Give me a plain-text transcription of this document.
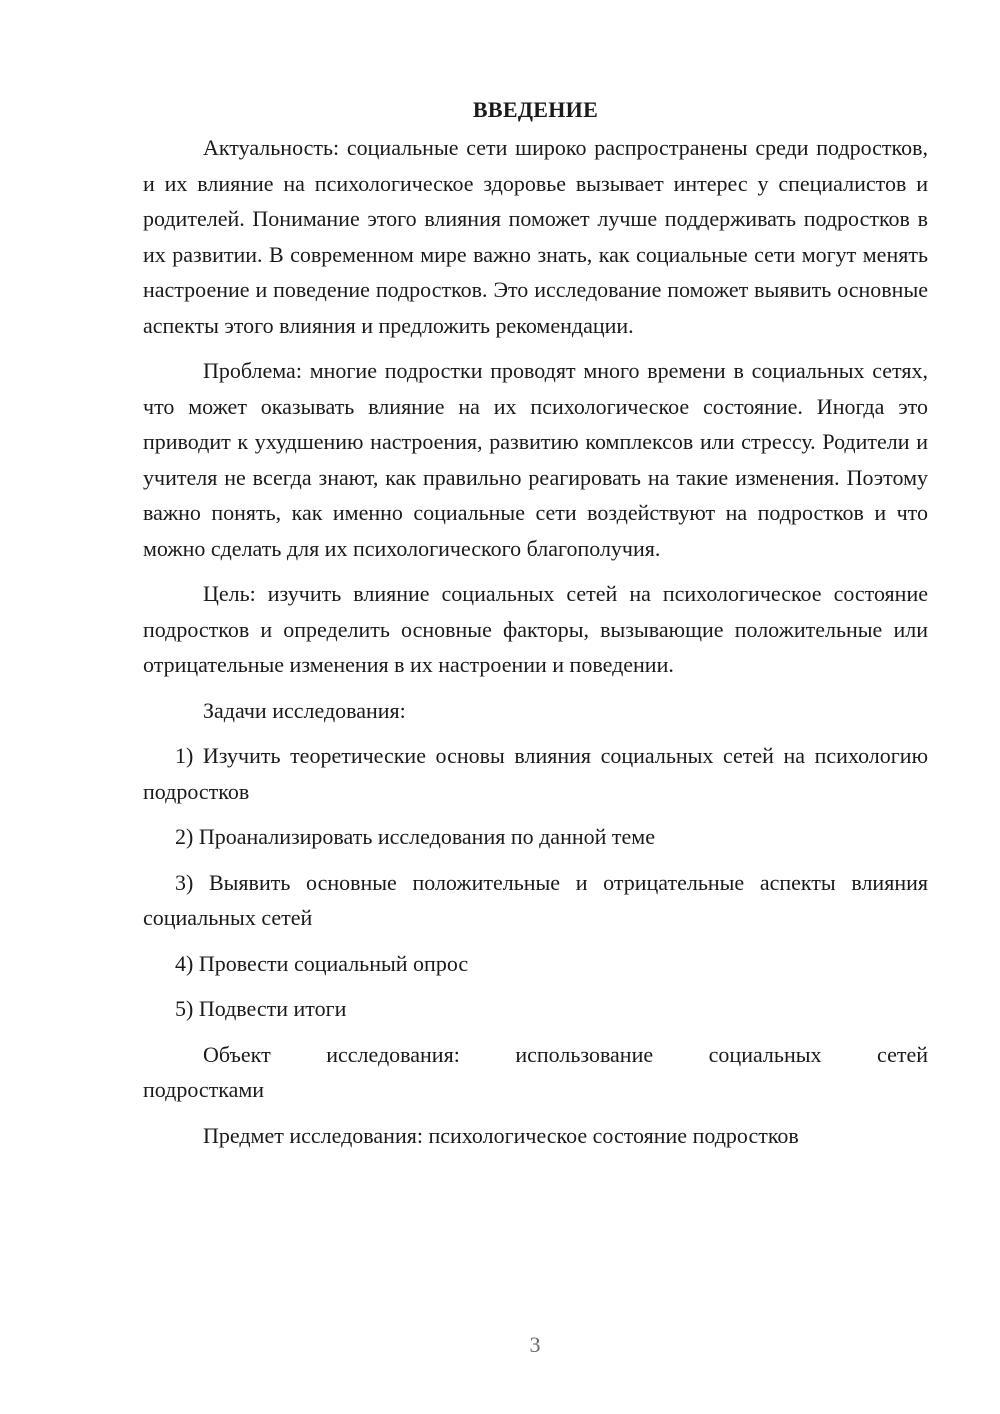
ВВЕДЕНИЕ

Актуальность: социальные сети широко распространены среди подростков, и их влияние на психологическое здоровье вызывает интерес у специалистов и родителей. Понимание этого влияния поможет лучше поддерживать подростков в их развитии. В современном мире важно знать, как социальные сети могут менять настроение и поведение подростков. Это исследование поможет выявить основные аспекты этого влияния и предложить рекомендации.

Проблема: многие подростки проводят много времени в социальных сетях, что может оказывать влияние на их психологическое состояние. Иногда это приводит к ухудшению настроения, развитию комплексов или стрессу. Родители и учителя не всегда знают, как правильно реагировать на такие изменения. Поэтому важно понять, как именно социальные сети воздействуют на подростков и что можно сделать для их психологического благополучия.

Цель: изучить влияние социальных сетей на психологическое состояние подростков и определить основные факторы, вызывающие положительные или отрицательные изменения в их настроении и поведении.

Задачи исследования:

1) Изучить теоретические основы влияния социальных сетей на психологию подростков

2) Проанализировать исследования по данной теме

3) Выявить основные положительные и отрицательные аспекты влияния социальных сетей

4) Провести социальный опрос

5) Подвести итоги

Объект исследования: использование социальных сетей подростками

Предмет исследования: психологическое состояние подростков

3
